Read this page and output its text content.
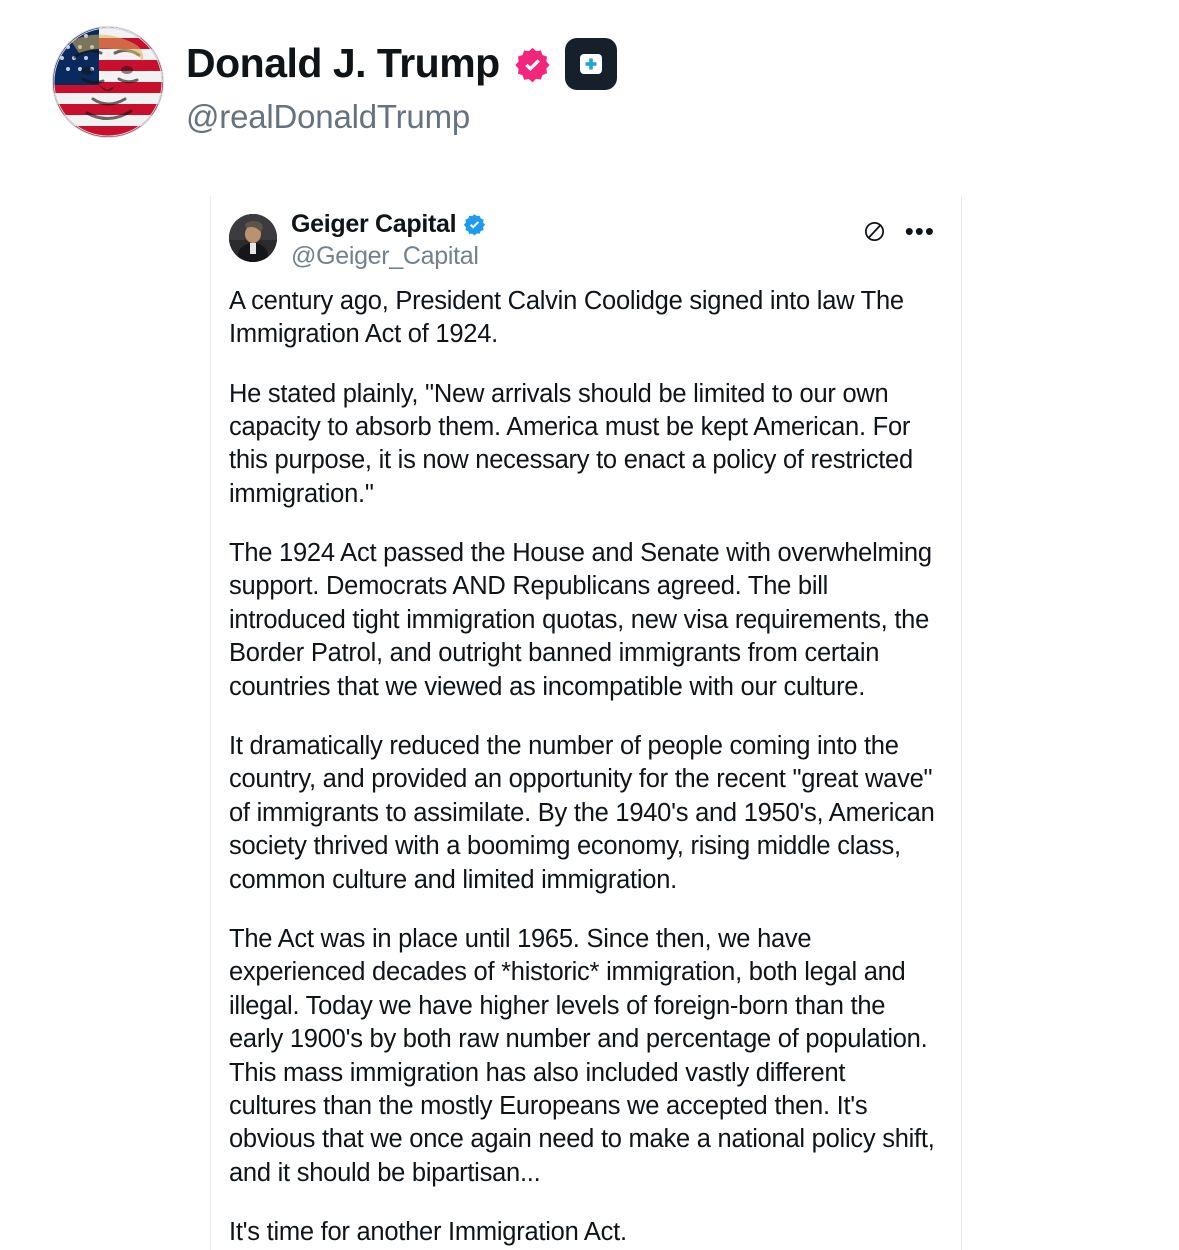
Donald J. Trump
@realDonaldTrump
Geiger Capital
@Geiger_Capital
•••

A century ago, President Calvin Coolidge signed into law The Immigration Act of 1924.

He stated plainly, "New arrivals should be limited to our own capacity to absorb them. America must be kept American. For this purpose, it is now necessary to enact a policy of restricted immigration."

The 1924 Act passed the House and Senate with overwhelming support. Democrats AND Republicans agreed. The bill introduced tight immigration quotas, new visa requirements, the Border Patrol, and outright banned immigrants from certain countries that we viewed as incompatible with our culture.

It dramatically reduced the number of people coming into the country, and provided an opportunity for the recent "great wave" of immigrants to assimilate. By the 1940's and 1950's, American society thrived with a boomimg economy, rising middle class, common culture and limited immigration.

The Act was in place until 1965. Since then, we have experienced decades of *historic* immigration, both legal and illegal. Today we have higher levels of foreign-born than the early 1900's by both raw number and percentage of population. This mass immigration has also included vastly different cultures than the mostly Europeans we accepted then. It's obvious that we once again need to make a national policy shift, and it should be bipartisan...

It's time for another Immigration Act.
